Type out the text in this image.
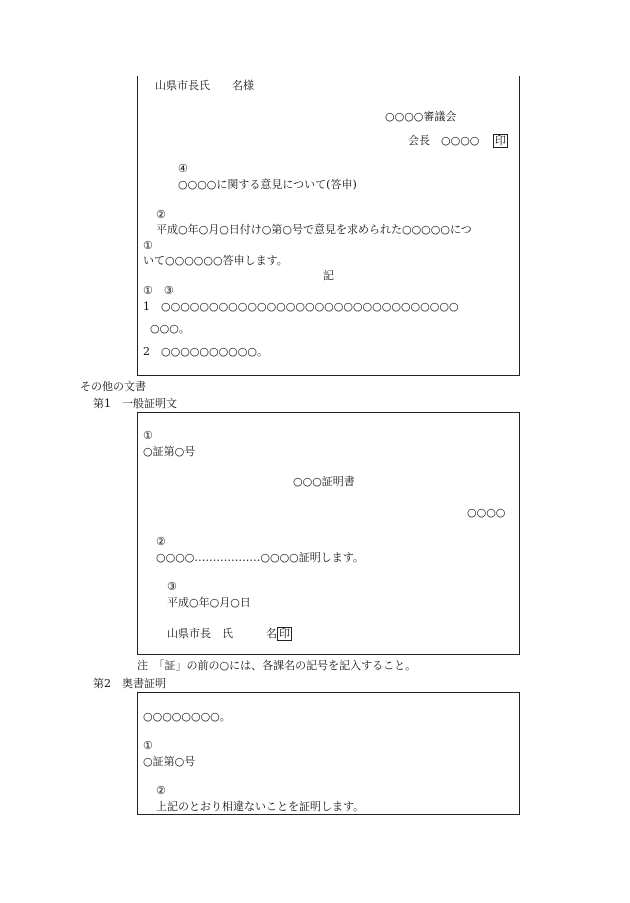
山県市長氏　　名様
○○○○審議会
会長　○○○○ 印
④
○○○○に関する意見について(答申)
②
平成○年○月○日付け○第○号で意見を求められた○○○○○につ
①
いて○○○○○○答申します。
記
①　③
1　○○○○○○○○○○○○○○○○○○○○○○○○○○○○○○○
○○○。
2　○○○○○○○○○○。
その他の文書
第1　一般証明文
①
○証第○号
○○○証明書
○○○○
②
○○○○………………○○○○証明します。
③
平成○年○月○日
山県市長　氏　　　名 印
注　「証」の前の○には、各課名の記号を記入すること。
第2　奥書証明
○○○○○○○○。
①
○証第○号
②
上記のとおり相違ないことを証明します。
